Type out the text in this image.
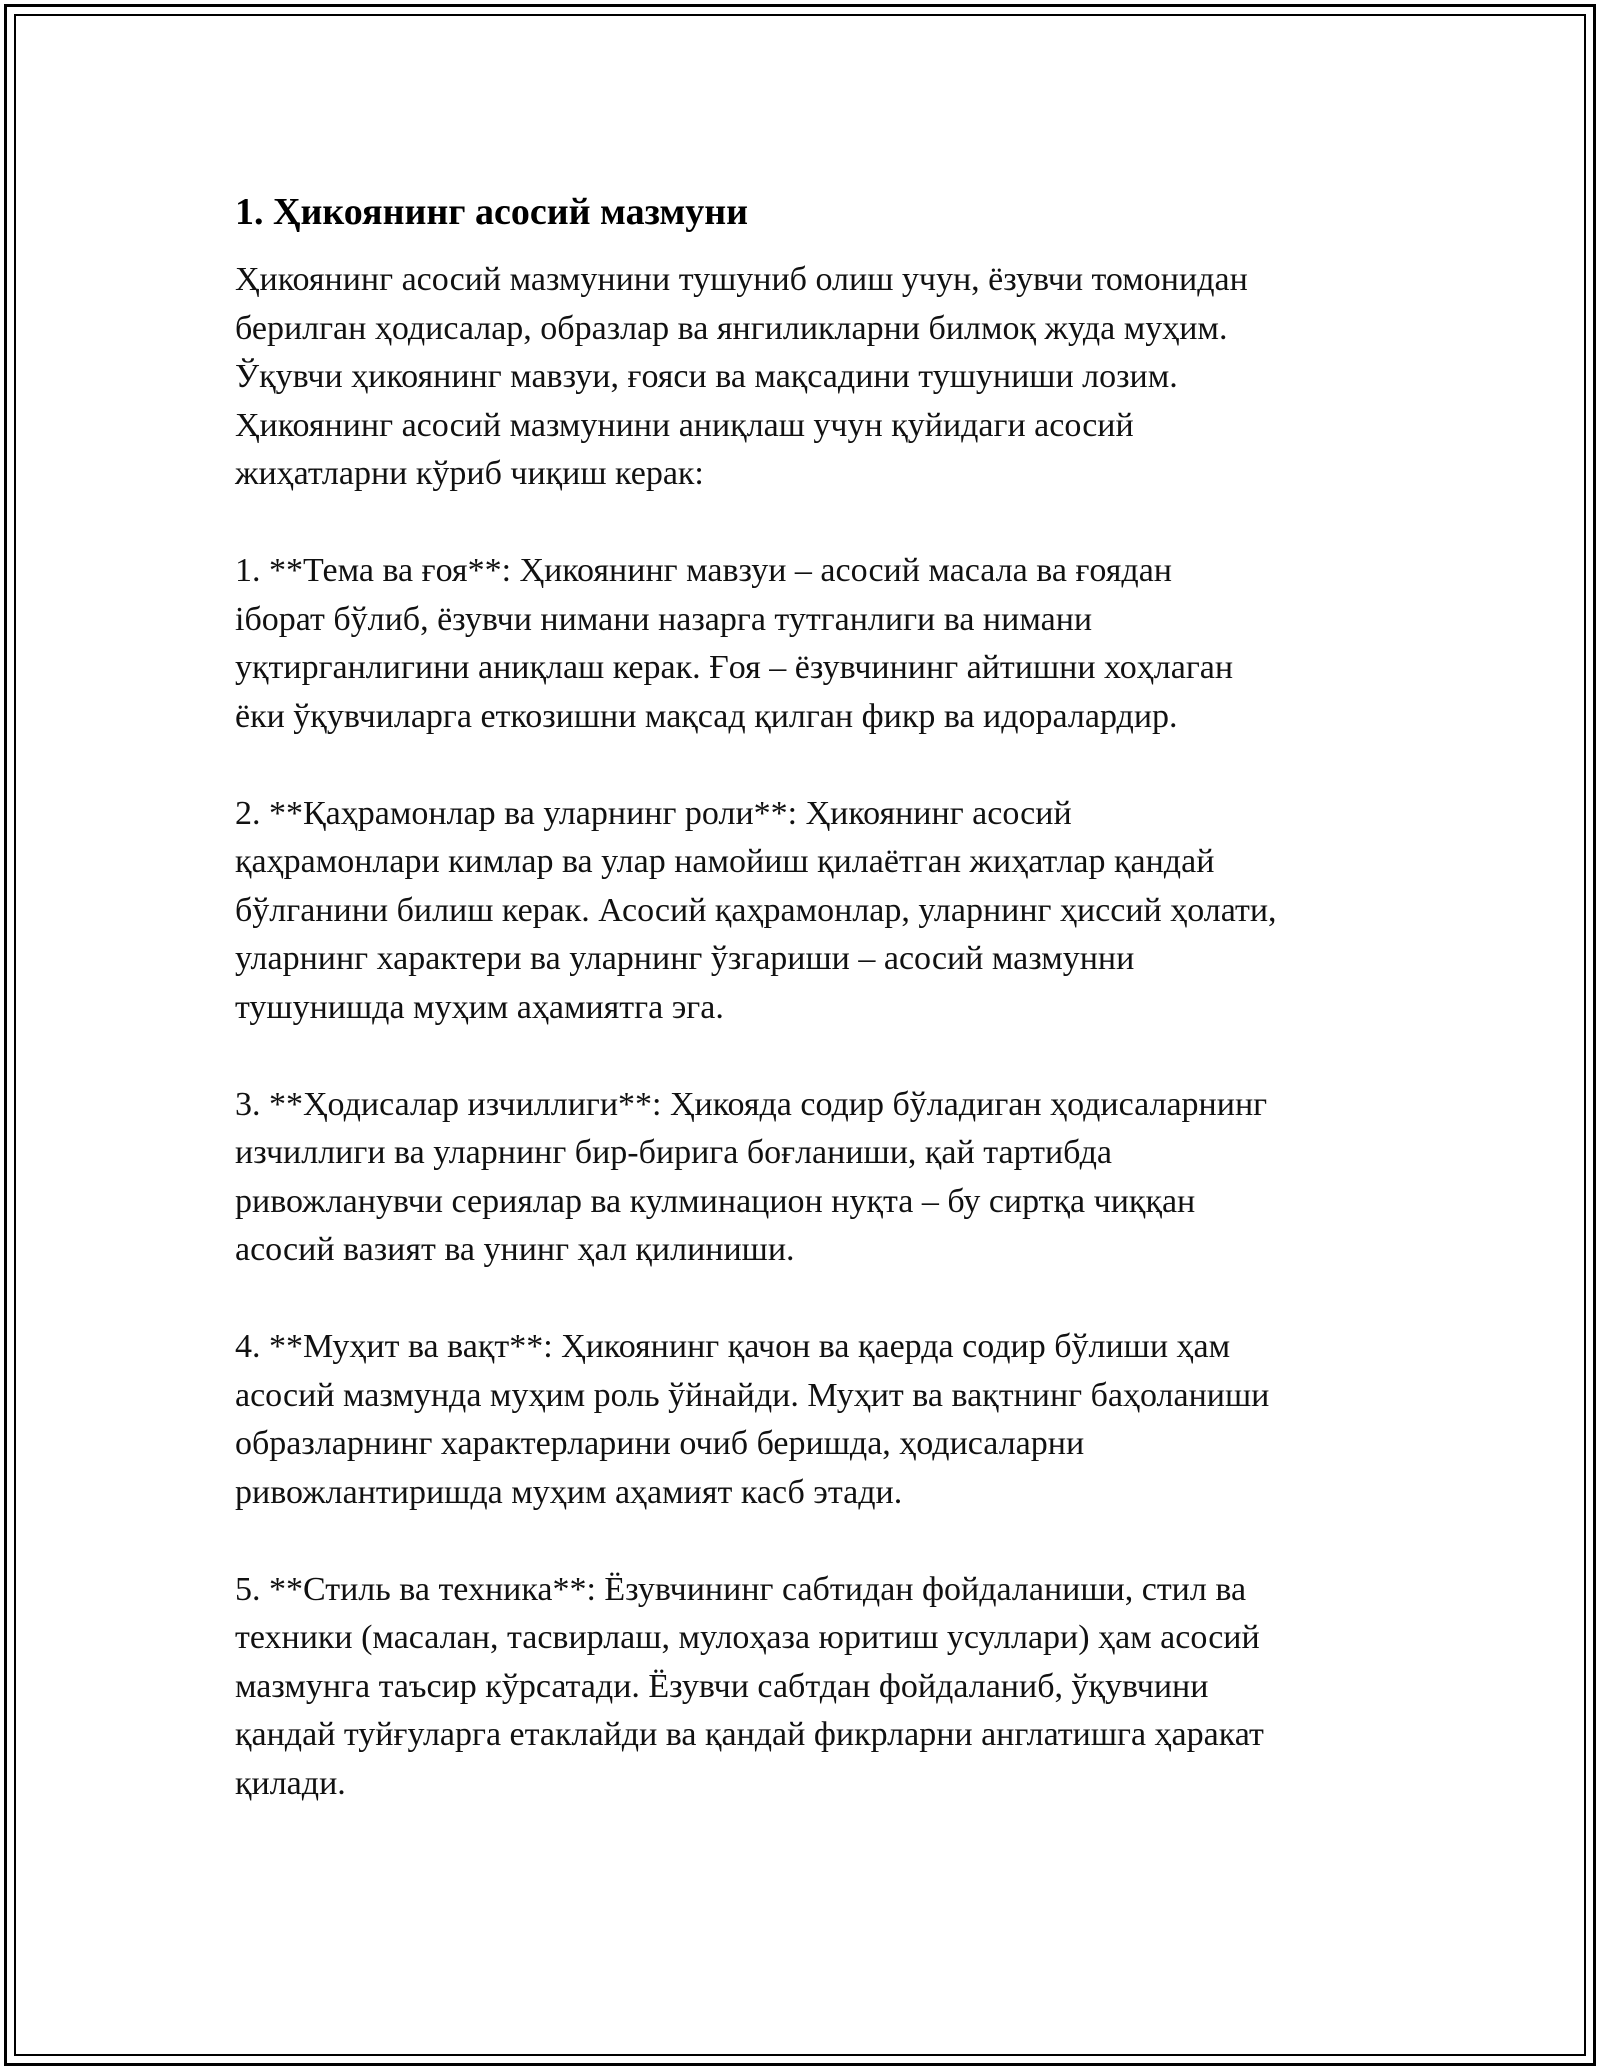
1. Ҳикоянинг асосий мазмуни

Ҳикоянинг асосий мазмунини тушуниб олиш учун, ёзувчи томонидан
берилган ҳодисалар, образлар ва янгиликларни билмоқ жуда муҳим.
Ўқувчи ҳикоянинг мавзуи, ғояси ва мақсадини тушуниши лозим.
Ҳикоянинг асосий мазмунини аниқлаш учун қуйидаги асосий
жиҳатларни кўриб чиқиш керак:

1. **Тема ва ғоя**: Ҳикоянинг мавзуи – асосий масала ва ғоядан
iборат бўлиб, ёзувчи нимани назарга тутганлиги ва нимани
уқтирганлигини аниқлаш керак. Ғоя – ёзувчининг айтишни хоҳлаган
ёки ўқувчиларга еткозишни мақсад қилган фикр ва идоралардир.

2. **Қаҳрамонлар ва уларнинг роли**: Ҳикоянинг асосий
қаҳрамонлари кимлар ва улар намойиш қилаётган жиҳатлар қандай
бўлганини билиш керак. Асосий қаҳрамонлар, уларнинг ҳиссий ҳолати,
уларнинг характери ва уларнинг ўзгариши – асосий мазмунни
тушунишда муҳим аҳамиятга эга.

3. **Ҳодисалар изчиллиги**: Ҳикояда содир бўладиган ҳодисаларнинг
изчиллиги ва уларнинг бир-бирига боғланиши, қай тартибда
ривожланувчи сериялар ва кулминацион нуқта – бу сиртқа чиққан
асосий вазият ва унинг ҳал қилиниши.

4. **Муҳит ва вақт**: Ҳикоянинг қачон ва қаерда содир бўлиши ҳам
асосий мазмунда муҳим роль ўйнайди. Муҳит ва вақтнинг баҳоланиши
образларнинг характерларини очиб беришда, ҳодисаларни
ривожлантиришда муҳим аҳамият касб этади.

5. **Стиль ва техника**: Ёзувчининг сабтидан фойдаланиши, стил ва
техники (масалан, тасвирлаш, мулоҳаза юритиш усуллари) ҳам асосий
мазмунга таъсир кўрсатади. Ёзувчи сабтдан фойдаланиб, ўқувчини
қандай туйғуларга етаклайди ва қандай фикрларни англатишга ҳаракат
қилади.
